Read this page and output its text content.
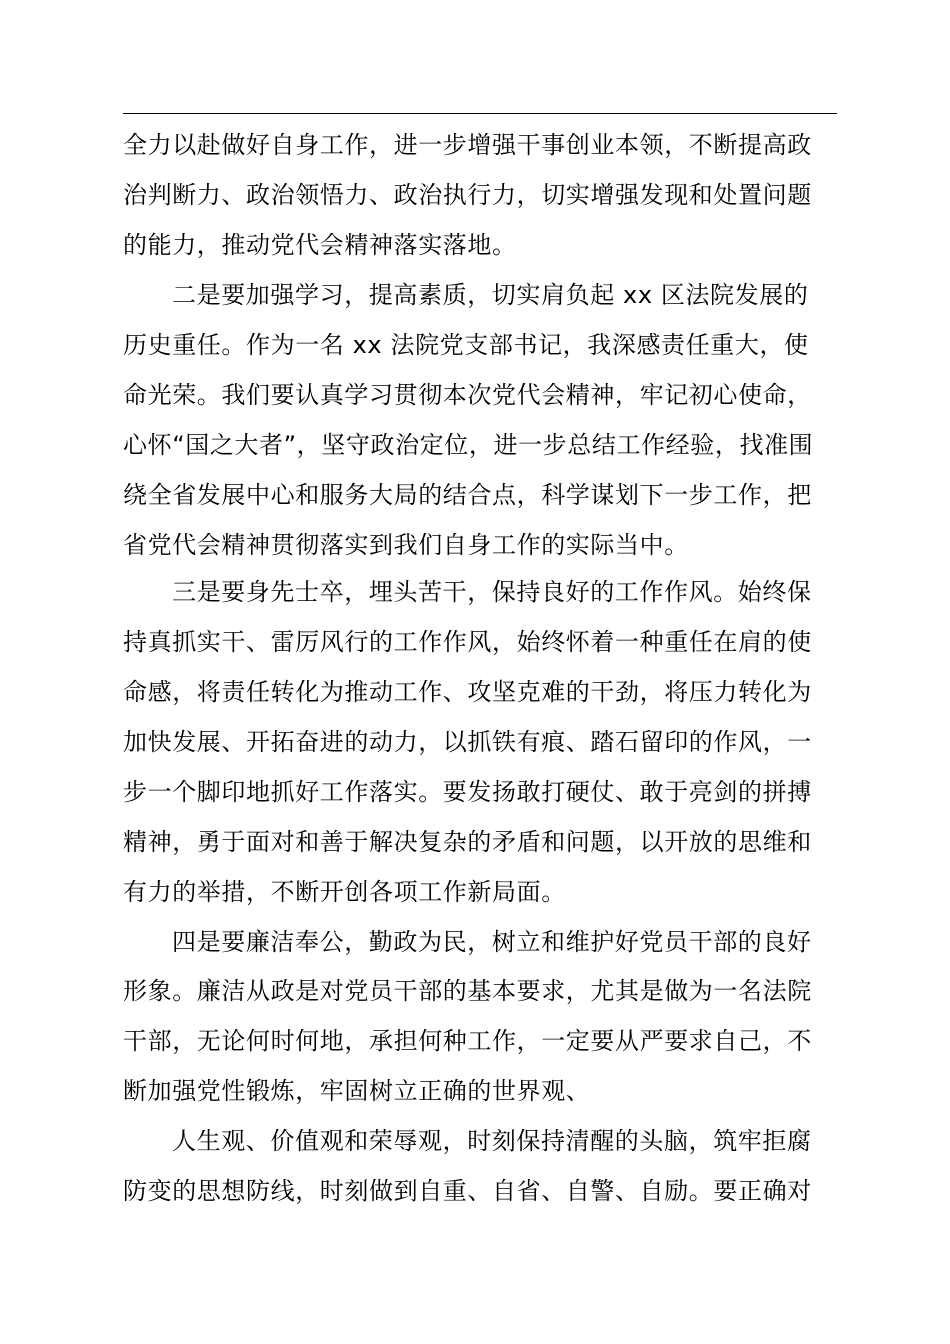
全力以赴做好自身工作，进一步增强干事创业本领，不断提高政
治判断力、政治领悟力、政治执行力，切实增强发现和处置问题
的能力，推动党代会精神落实落地。
二是要加强学习，提高素质，切实肩负起 xx 区法院发展的
历史重任。作为一名 xx 法院党支部书记，我深感责任重大，使
命光荣。我们要认真学习贯彻本次党代会精神，牢记初心使命，
心怀“国之大者”，坚守政治定位，进一步总结工作经验，找准围
绕全省发展中心和服务大局的结合点，科学谋划下一步工作，把
省党代会精神贯彻落实到我们自身工作的实际当中。
三是要身先士卒，埋头苦干，保持良好的工作作风。始终保
持真抓实干、雷厉风行的工作作风，始终怀着一种重任在肩的使
命感，将责任转化为推动工作、攻坚克难的干劲，将压力转化为
加快发展、开拓奋进的动力，以抓铁有痕、踏石留印的作风，一
步一个脚印地抓好工作落实。要发扬敢打硬仗、敢于亮剑的拼搏
精神，勇于面对和善于解决复杂的矛盾和问题，以开放的思维和
有力的举措，不断开创各项工作新局面。
四是要廉洁奉公，勤政为民，树立和维护好党员干部的良好
形象。廉洁从政是对党员干部的基本要求，尤其是做为一名法院
干部，无论何时何地，承担何种工作，一定要从严要求自己，不
断加强党性锻炼，牢固树立正确的世界观、
人生观、价值观和荣辱观，时刻保持清醒的头脑，筑牢拒腐
防变的思想防线，时刻做到自重、自省、自警、自励。要正确对
